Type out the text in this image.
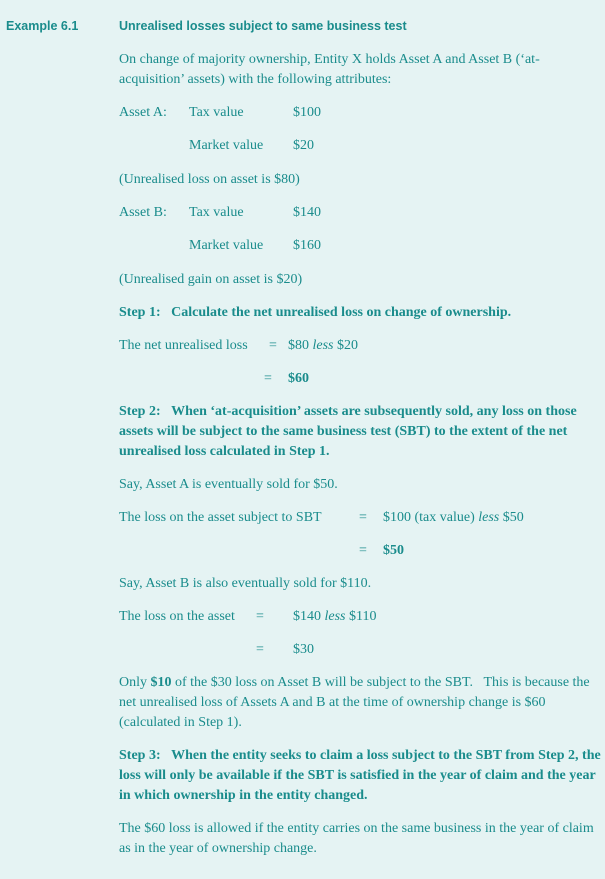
Example 6.1	Unrealised losses subject to same business test

On change of majority ownership, Entity X holds Asset A and Asset B (‘at-acquisition’ assets) with the following attributes:

Asset A: Tax value	$100
Market value $20

(Unrealised loss on asset is $80)

Asset B: Tax value	$140
Market value $160

(Unrealised gain on asset is $20)

Step 1:   Calculate the net unrealised loss on change of ownership.

The net unrealised loss = $80 less $20
= $60

Step 2:   When ‘at-acquisition’ assets are subsequently sold, any loss on those assets will be subject to the same business test (SBT) to the extent of the net unrealised loss calculated in Step 1.

Say, Asset A is eventually sold for $50.

The loss on the asset subject to SBT	= $100 (tax value) less $50
= $50

Say, Asset B is also eventually sold for $110.

The loss on the asset = $140 less $110
= $30

Only $10 of the $30 loss on Asset B will be subject to the SBT.   This is because the net unrealised loss of Assets A and B at the time of ownership change is $60 (calculated in Step 1).

Step 3:   When the entity seeks to claim a loss subject to the SBT from Step 2, the loss will only be available if the SBT is satisfied in the year of claim and the year in which ownership in the entity changed.

The $60 loss is allowed if the entity carries on the same business in the year of claim as in the year of ownership change.
